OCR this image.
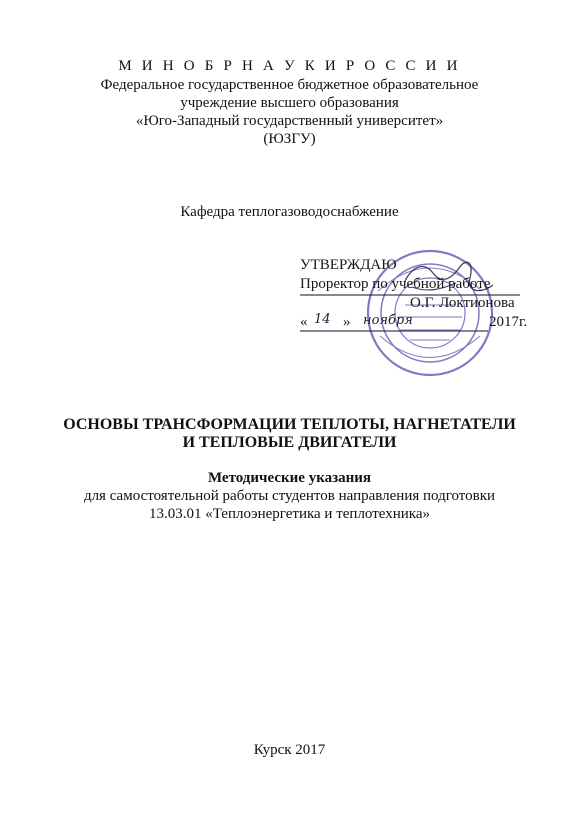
М И Н О Б Р Н А У К И Р О С С И И
Федеральное государственное бюджетное образовательное
учреждение высшего образования
«Юго-Западный государственный университет»
(ЮЗГУ)
Кафедра теплогазоводоснабжение
УТВЕРЖДАЮ
Проректор по учебной работе
О.Г. Локтионова
« 14 » ноября	2017г.
ОСНОВЫ ТРАНСФОРМАЦИИ ТЕПЛОТЫ, НАГНЕТАТЕЛИ
И ТЕПЛОВЫЕ ДВИГАТЕЛИ
Методические указания
для самостоятельной работы студентов направления подготовки
13.03.01 «Теплоэнергетика и теплотехника»
Курск 2017
